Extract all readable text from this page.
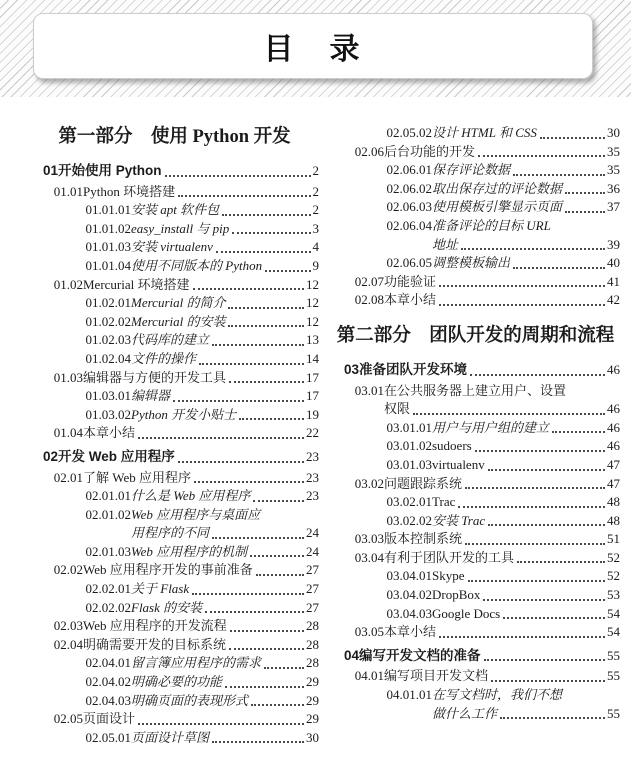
目　录
第一部分　使用 Python 开发
01 开始使用 Python	2
01.01 Python 环境搭建	2
01.01.01 安装 apt 软件包	2
01.01.02 easy_install 与 pip	3
01.01.03 安装 virtualenv	4
01.01.04 使用不同版本的 Python	9
01.02 Mercurial 环境搭建	12
01.02.01 Mercurial 的简介	12
01.02.02 Mercurial 的安装	12
01.02.03 代码库的建立	13
01.02.04 文件的操作	14
01.03 编辑器与方便的开发工具	17
01.03.01 编辑器	17
01.03.02 Python 开发小贴士	19
01.04 本章小结	22
02 开发 Web 应用程序	23
02.01 了解 Web 应用程序	23
02.01.01 什么是 Web 应用程序	23
02.01.02 Web 应用程序与桌面应
用程序的不同	24
02.01.03 Web 应用程序的机制	24
02.02 Web 应用程序开发的事前准备	27
02.02.01 关于 Flask	27
02.02.02 Flask 的安装	27
02.03 Web 应用程序的开发流程	28
02.04 明确需要开发的目标系统	28
02.04.01 留言簿应用程序的需求	28
02.04.02 明确必要的功能	29
02.04.03 明确页面的表现形式	29
02.05 页面设计	29
02.05.01 页面设计草图	30
02.05.02 设计 HTML 和 CSS	30
02.06 后台功能的开发	35
02.06.01 保存评论数据	35
02.06.02 取出保存过的评论数据	36
02.06.03 使用模板引擎显示页面	37
02.06.04 准备评论的目标 URL
地址	39
02.06.05 调整模板输出	40
02.07 功能验证	41
02.08 本章小结	42
第二部分　团队开发的周期和流程
03 准备团队开发环境	46
03.01 在公共服务器上建立用户、设置
权限	46
03.01.01 用户与用户组的建立	46
03.01.02 sudoers	46
03.01.03 virtualenv	47
03.02 问题跟踪系统	47
03.02.01 Trac	48
03.02.02 安装 Trac	48
03.03 版本控制系统	51
03.04 有利于团队开发的工具	52
03.04.01 Skype	52
03.04.02 DropBox	53
03.04.03 Google Docs	54
03.05 本章小结	54
04 编写开发文档的准备	55
04.01 编写项目开发文档	55
04.01.01 在写文档时，我们不想
做什么工作	55
